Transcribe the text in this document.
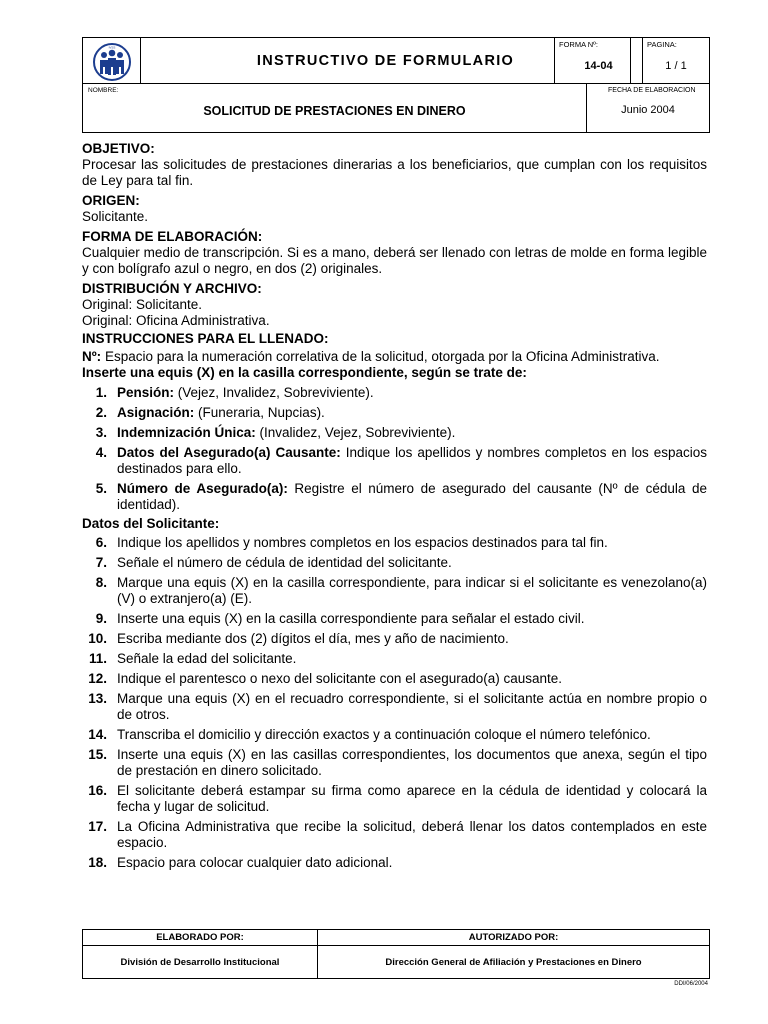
IVSS
INSTRUCTIVO DE FORMULARIO
FORMA Nº:
14-04
PAGINA:
1 / 1
NOMBRE:
SOLICITUD DE PRESTACIONES EN DINERO
FECHA DE ELABORACION
Junio 2004

OBJETIVO:

Procesar las solicitudes de prestaciones dinerarias a los beneficiarios, que cumplan con los requisitos de Ley para tal fin.

ORIGEN:

Solicitante.

FORMA DE ELABORACIÓN:

Cualquier medio de transcripción. Si es a mano, deberá ser llenado con letras de molde en forma legible y con bolígrafo azul o negro, en dos (2) originales.

DISTRIBUCIÓN Y ARCHIVO:

Original: Solicitante.

Original: Oficina Administrativa.

INSTRUCCIONES PARA EL LLENADO:

Nº: Espacio para la numeración correlativa de la solicitud, otorgada por la Oficina Administrativa.

Inserte una equis (X) en la casilla correspondiente, según se trate de:

1. Pensión: (Vejez, Invalidez, Sobreviviente).
2. Asignación: (Funeraria, Nupcias).
3. Indemnización Única: (Invalidez, Vejez, Sobreviviente).
4. Datos del Asegurado(a) Causante: Indique los apellidos y nombres completos en los espacios destinados para ello.
5. Número de Asegurado(a): Registre el número de asegurado del causante (Nº de cédula de identidad).

Datos del Solicitante:

6. Indique los apellidos y nombres completos en los espacios destinados para tal fin.
7. Señale el número de cédula de identidad del solicitante.
8. Marque una equis (X) en la casilla correspondiente, para indicar si el solicitante es venezolano(a) (V) o extranjero(a) (E).
9. Inserte una equis (X) en la casilla correspondiente para señalar el estado civil.
10. Escriba mediante dos (2) dígitos el día, mes y año de nacimiento.
11. Señale la edad del solicitante.
12. Indique el parentesco o nexo del solicitante con el asegurado(a) causante.
13. Marque una equis (X) en el recuadro correspondiente, si el solicitante actúa en nombre propio o de otros.
14. Transcriba el domicilio y dirección exactos y a continuación coloque el número telefónico.
15. Inserte una equis (X) en las casillas correspondientes, los documentos que anexa, según el tipo de prestación en dinero solicitado.
16. El solicitante deberá estampar su firma como aparece en la cédula de identidad y colocará la fecha y lugar de solicitud.
17. La Oficina Administrativa que recibe la solicitud, deberá llenar los datos contemplados en este espacio.
18. Espacio para colocar cualquier dato adicional.
ELABORADO POR:	AUTORIZADO POR:
División de Desarrollo Institucional	Dirección General de Afiliación y Prestaciones en Dinero
DDI/06/2004
